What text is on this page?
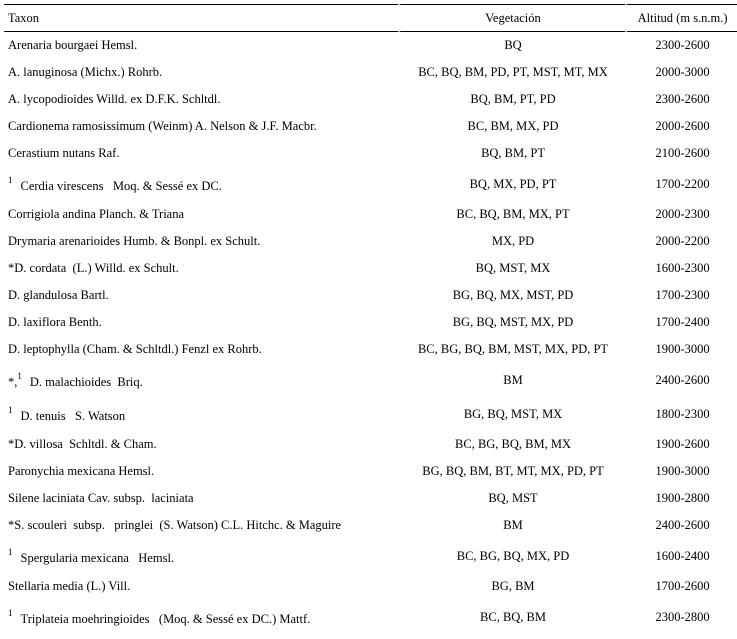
Taxon	Vegetación	Altitud (m s.n.m.)
Arenaria bourgaei Hemsl.	BQ	2300-2600
A. lanuginosa (Michx.) Rohrb.	BC, BQ, BM, PD, PT, MST, MT, MX	2000-3000
A. lycopodioides Willd. ex D.F.K. Schltdl.	BQ, BM, PT, PD	2300-2600
Cardionema ramosissimum (Weinm) A. Nelson & J.F. Macbr.	BC, BM, MX, PD	2000-2600
Cerastium nutans Raf.	BQ, BM, PT	2100-2600
$^1$ Cerdia virescens   Moq. & Sessé ex DC.	BQ, MX, PD, PT	1700-2200
Corrigiola andina Planch. & Triana	BC, BQ, BM, MX, PT	2000-2300
Drymaria arenarioides Humb. & Bonpl. ex Schult.	MX, PD	2000-2200
*D. cordata  (L.) Willd. ex Schult.	BQ, MST, MX	1600-2300
D. glandulosa Bartl.	BG, BQ, MX, MST, PD	1700-2300
D. laxiflora Benth.	BG, BQ, MST, MX, PD	1700-2400
D. leptophylla (Cham. & Schltdl.) Fenzl ex Rohrb.	BC, BG, BQ, BM, MST, MX, PD, PT	1900-3000
*,$^1$ D. malachioides  Briq.	BM	2400-2600
$^1$ D. tenuis   S. Watson	BG, BQ, MST, MX	1800-2300
*D. villosa  Schltdl. & Cham.	BC, BG, BQ, BM, MX	1900-2600
Paronychia mexicana Hemsl.	BG, BQ, BM, BT, MT, MX, PD, PT	1900-3000
Silene laciniata Cav. subsp.  laciniata	BQ, MST	1900-2800
*S. scouleri  subsp.   pringlei  (S. Watson) C.L. Hitchc. & Maguire	BM	2400-2600
$^1$ Spergularia mexicana   Hemsl.	BC, BG, BQ, MX, PD	1600-2400
Stellaria media (L.) Vill.	BG, BM	1700-2600
$^1$ Triplateia moehringioides   (Moq. & Sessé ex DC.) Mattf.	BC, BQ, BM	2300-2800
